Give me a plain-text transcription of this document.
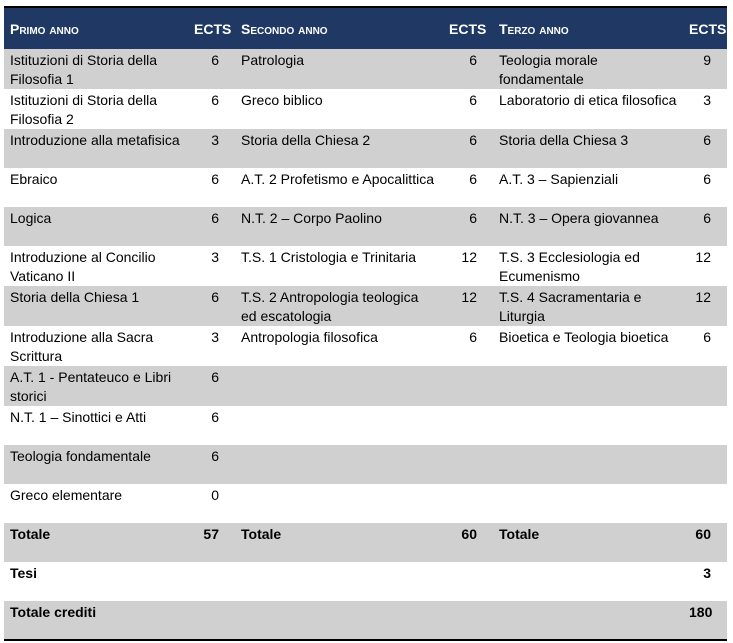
Primo anno	ECTS	Secondo anno	ECTS	Terzo anno	ECTS
Istituzioni di Storia della Filosofia 1	6	Patrologia	6	Teologia morale fondamentale	9
Istituzioni di Storia della Filosofia 2	6	Greco biblico	6	Laboratorio di etica filosofica	3
Introduzione alla metafisica	3	Storia della Chiesa 2	6	Storia della Chiesa 3	6
Ebraico	6	A.T. 2 Profetismo e Apocalittica	6	A.T. 3 – Sapienziali	6
Logica	6	N.T. 2 – Corpo Paolino	6	N.T. 3 – Opera giovannea	6
Introduzione al Concilio Vaticano II	3	T.S. 1 Cristologia e Trinitaria	12	T.S. 3 Ecclesiologia ed Ecumenismo	12
Storia della Chiesa 1	6	T.S. 2 Antropologia teologica ed escatologia	12	T.S. 4 Sacramentaria e Liturgia	12
Introduzione alla Sacra Scrittura	3	Antropologia filosofica	6	Bioetica e Teologia bioetica	6
A.T. 1 - Pentateuco e Libri storici	6				
N.T. 1 – Sinottici e Atti	6				
Teologia fondamentale	6				
Greco elementare	0				
Totale	57	Totale	60	Totale	60
Tesi					3
Totale crediti					180
